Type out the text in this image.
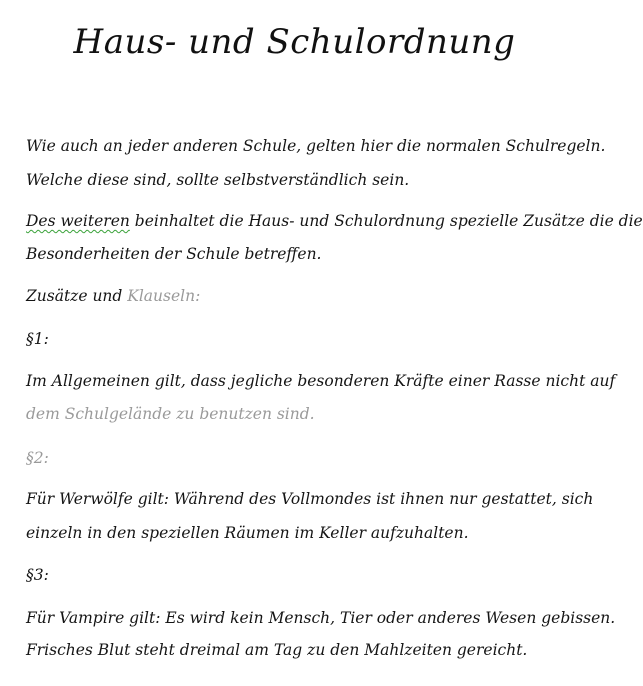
Haus- und Schulordnung
Wie auch an jeder anderen Schule, gelten hier die normalen Schulregeln.
Welche diese sind, sollte selbstverständlich sein.
Des weiteren beinhaltet die Haus- und Schulordnung spezielle Zusätze die die
Besonderheiten der Schule betreffen.
Zusätze und Klauseln:
§1:
Im Allgemeinen gilt, dass jegliche besonderen Kräfte einer Rasse nicht auf
dem Schulgelände zu benutzen sind.
§2:
Für Werwölfe gilt: Während des Vollmondes ist ihnen nur gestattet, sich
einzeln in den speziellen Räumen im Keller aufzuhalten.
§3:
Für Vampire gilt: Es wird kein Mensch, Tier oder anderes Wesen gebissen.
Frisches Blut steht dreimal am Tag zu den Mahlzeiten gereicht.
